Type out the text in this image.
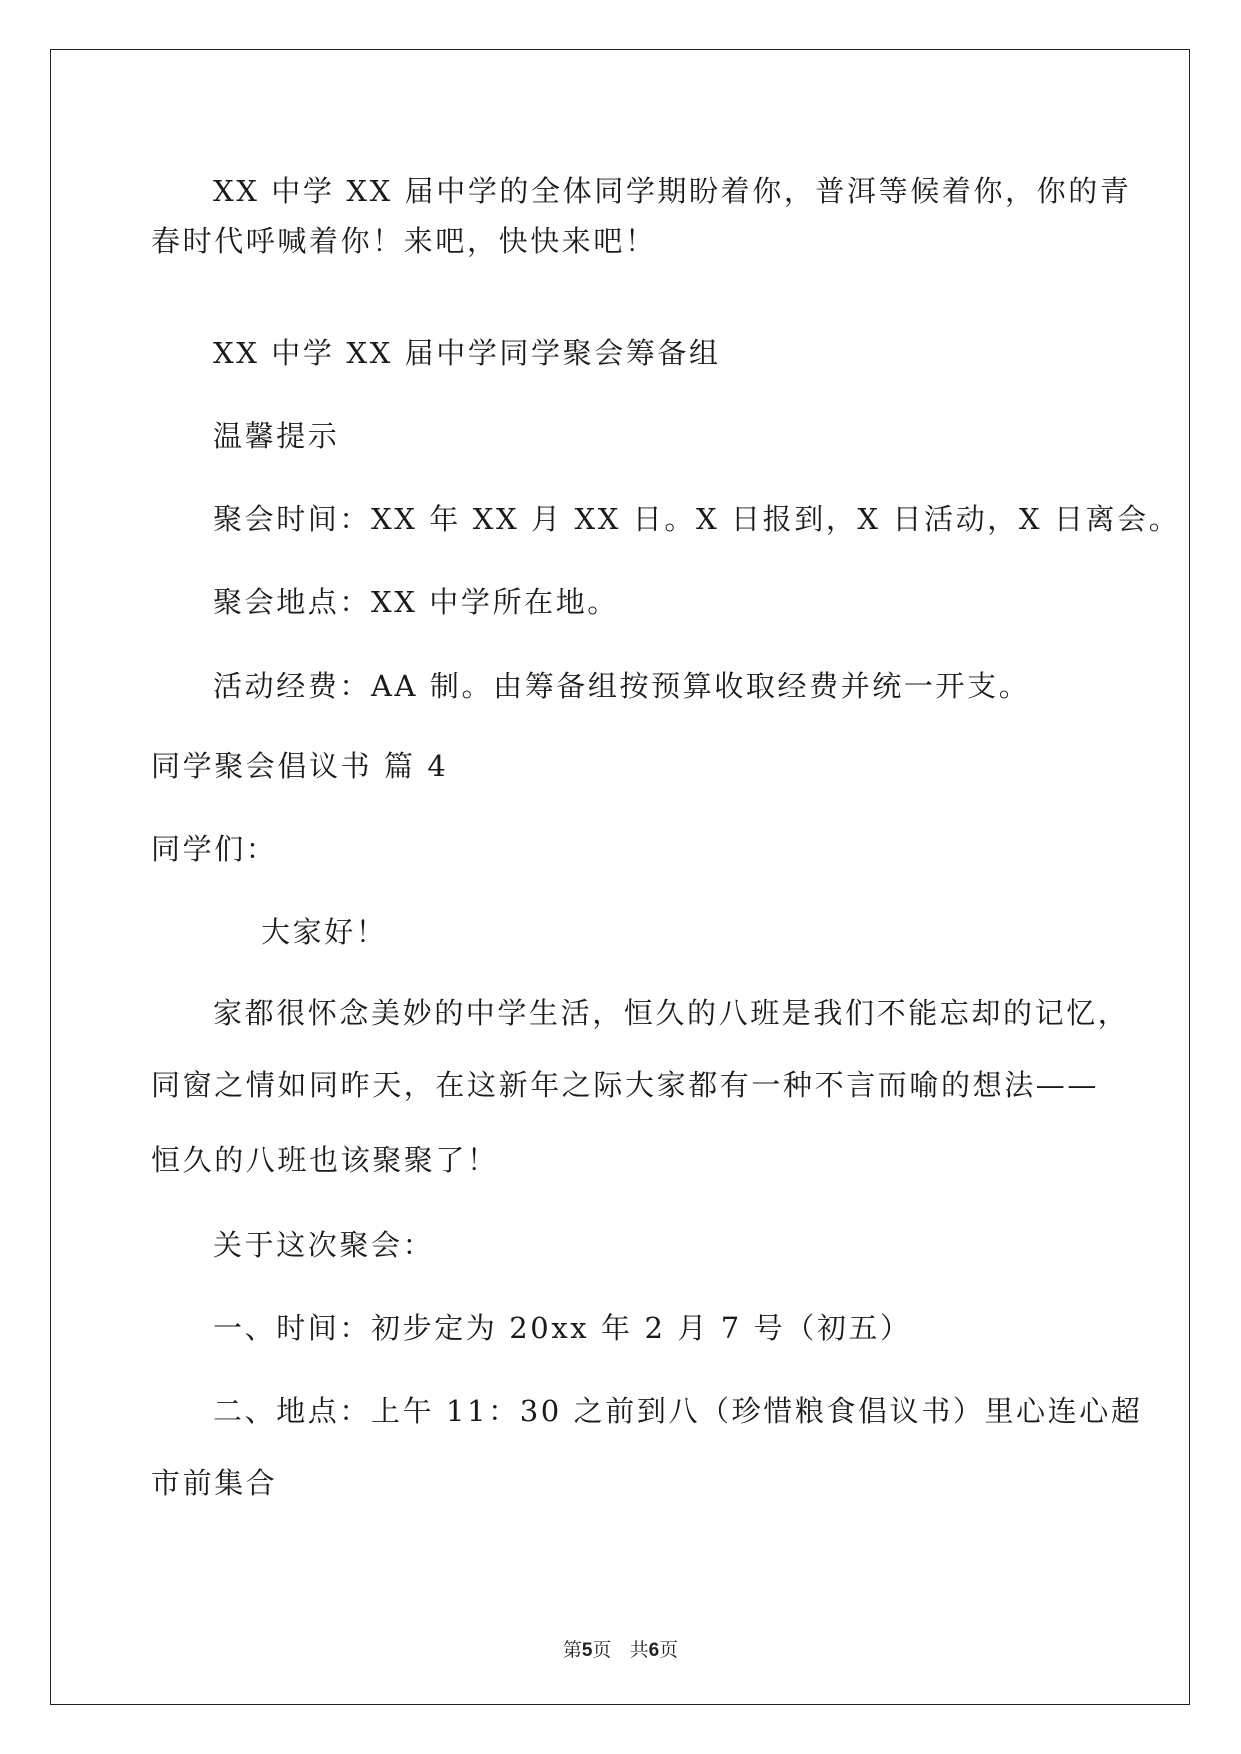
XX 中学 XX 届中学的全体同学期盼着你，普洱等候着你，你的青
春时代呼喊着你！来吧，快快来吧！
XX 中学 XX 届中学同学聚会筹备组
温馨提示
聚会时间：XX 年 XX 月 XX 日。X 日报到，X 日活动，X 日离会。
聚会地点：XX 中学所在地。
活动经费：AA 制。由筹备组按预算收取经费并统一开支。
同学聚会倡议书 篇 4
同学们：
大家好！
家都很怀念美妙的中学生活，恒久的八班是我们不能忘却的记忆，
同窗之情如同昨天，在这新年之际大家都有一种不言而喻的想法——
恒久的八班也该聚聚了！
关于这次聚会：
一、时间：初步定为 20xx 年 2 月 7 号（初五）
二、地点：上午 11：30 之前到八（珍惜粮食倡议书）里心连心超
市前集合
第5页 共6页
